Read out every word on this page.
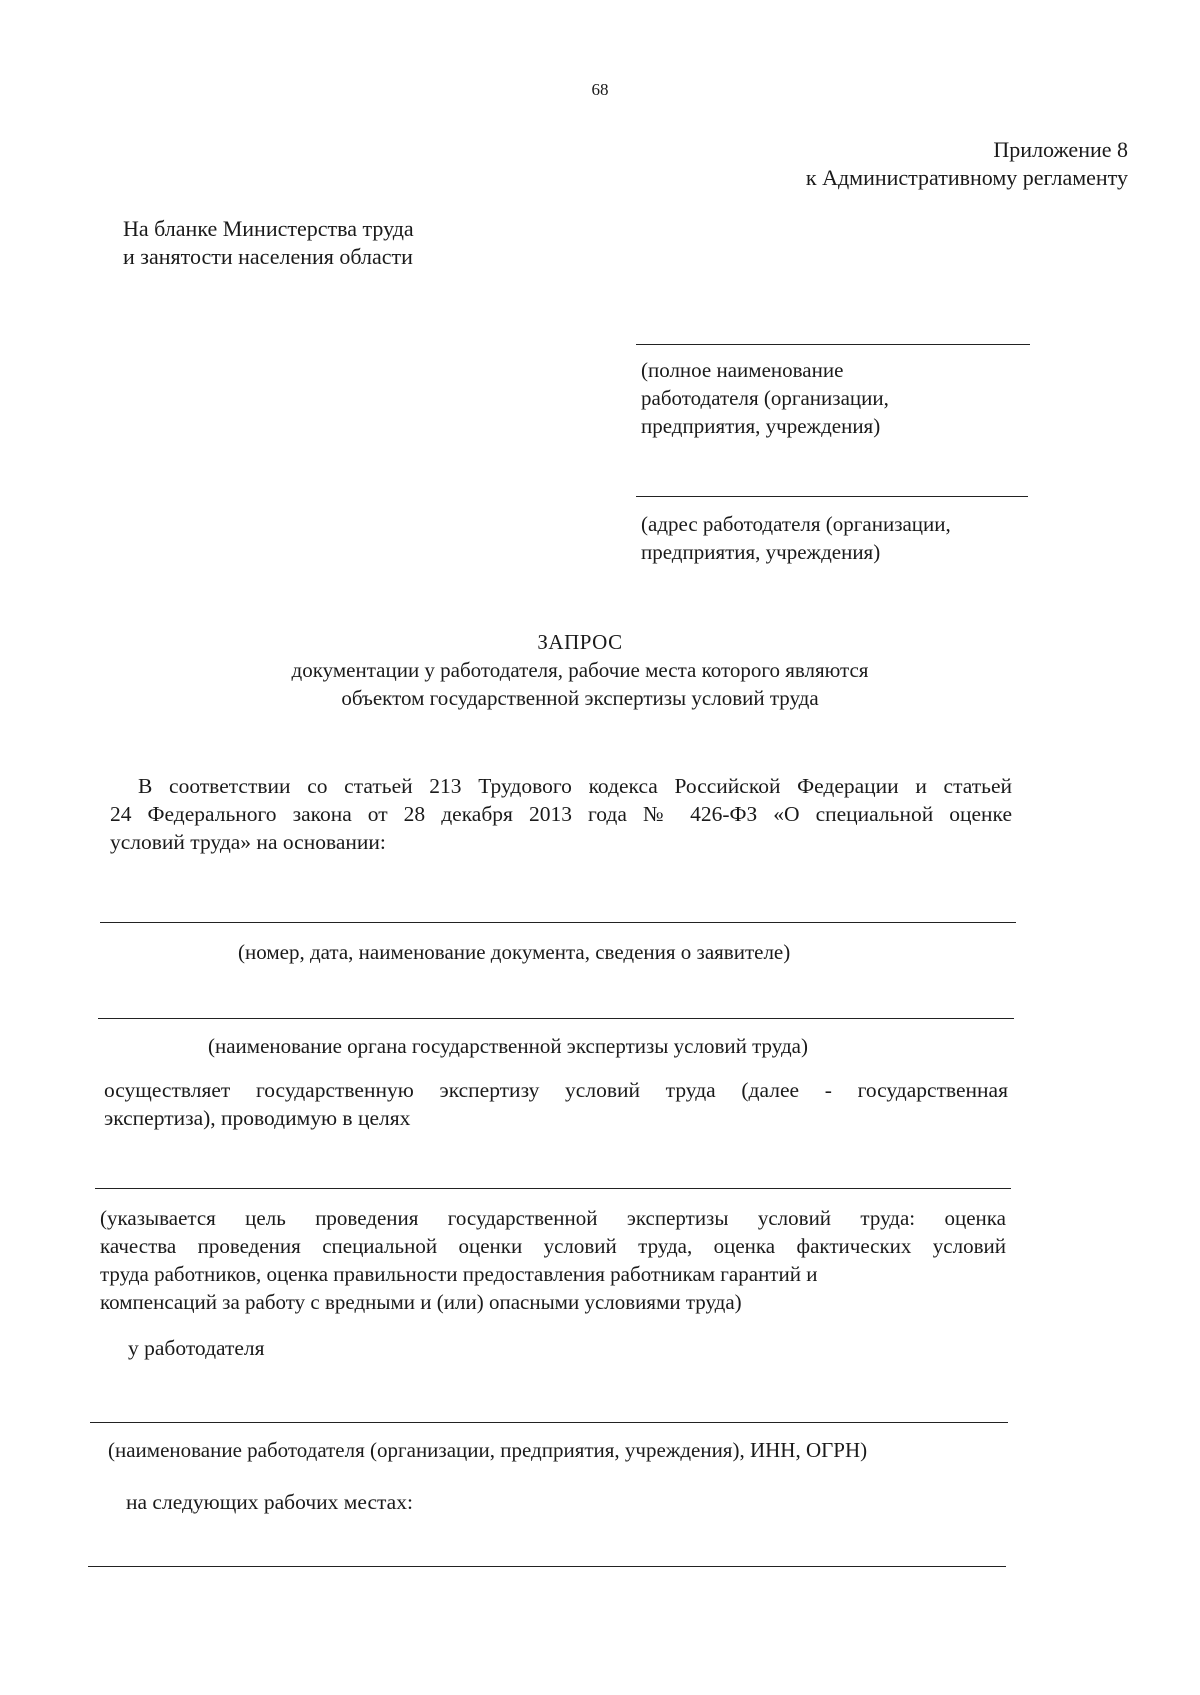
68
Приложение 8
к Административному регламенту
На бланке Министерства труда
и занятости населения области
(полное наименование
работодателя (организации,
предприятия, учреждения)
(адрес работодателя (организации,
предприятия, учреждения)
ЗАПРОС
документации у работодателя, рабочие места которого являются
объектом государственной экспертизы условий труда
В соответствии со статьей 213 Трудового кодекса Российской Федерации и статьей
24 Федерального закона от 28 декабря 2013 года № 426-ФЗ «О специальной оценке
условий труда» на основании:
(номер, дата, наименование документа, сведения о заявителе)
(наименование органа государственной экспертизы условий труда)
осуществляет государственную экспертизу условий труда (далее - государственная
экспертиза), проводимую в целях
(указывается цель проведения государственной экспертизы условий труда: оценка
качества проведения специальной оценки условий труда, оценка фактических условий
труда работников, оценка правильности предоставления работникам гарантий и
компенсаций за работу с вредными и (или) опасными условиями труда)
у работодателя
(наименование работодателя (организации, предприятия, учреждения), ИНН, ОГРН)
на следующих рабочих местах:
